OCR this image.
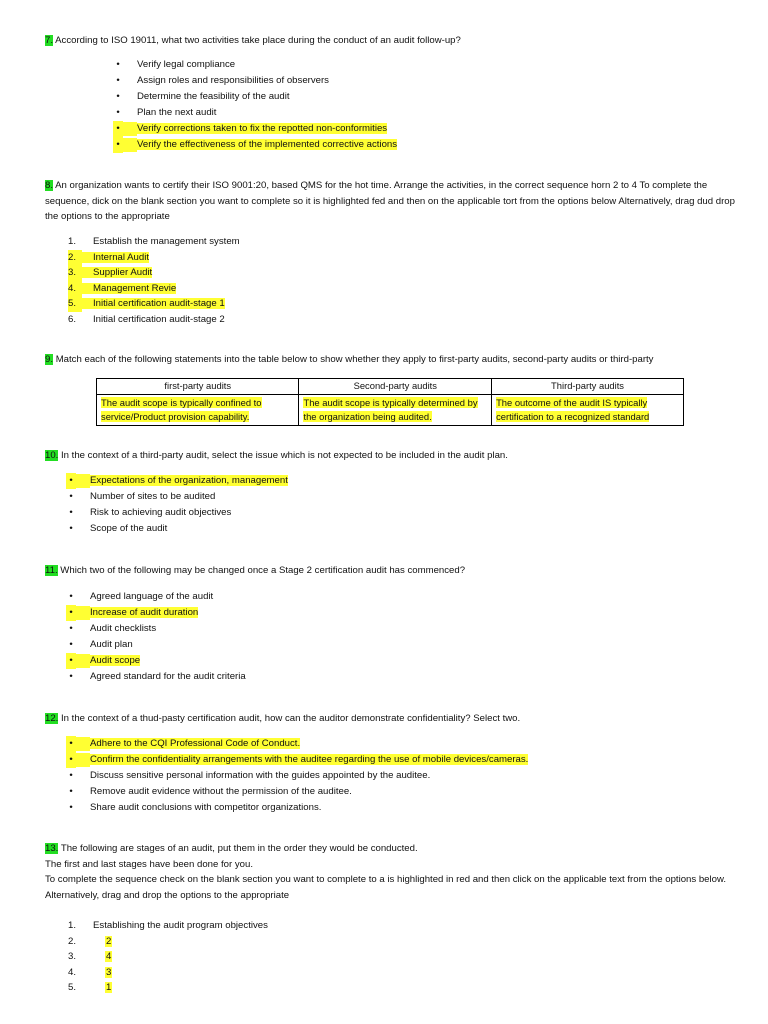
7. According to ISO 19011, what two activities take place during the conduct of an audit follow-up?
•	Verify legal compliance
•	Assign roles and responsibilities of observers
•	Determine the feasibility of the audit
•	Plan the next audit
•	Verify corrections taken to fix the repotted non-conformities
•	Verify the effectiveness of the implemented corrective actions
8. An organization wants to certify their ISO 9001:20, based QMS for the hot time. Arrange the activities, in the correct sequence horn 2 to 4 To complete the sequence, dick on the blank section you want to complete so it is highlighted fed and then on the applicable tort from the options below Alternatively, drag dud drop the options to the appropriate
1.	Establish the management system
2.	Internal Audit
3.	Supplier Audit
4.	Management Revie
5.	Initial certification audit-stage 1
6.	Initial certification audit-stage 2
9. Match each of the following statements into the table below to show whether they apply to first-party audits, second-party audits or third-party
first-party audits	Second-party audits	Third-party audits
The audit scope is typically confined to service/Product provision capability.	The audit scope is typically determined by the organization being audited.	The outcome of the audit IS typically certification to a recognized standard
10. In the context of a third-party audit, select the issue which is not expected to be included in the audit plan.
•	Expectations of the organization, management
•	Number of sites to be audited
•	Risk to achieving audit objectives
•	Scope of the audit
11. Which two of the following may be changed once a Stage 2 certification audit has commenced?
•	Agreed language of the audit
•	Increase of audit duration
•	Audit checklists
•	Audit plan
•	Audit scope
•	Agreed standard for the audit criteria
12. In the context of a thud-pasty certification audit, how can the auditor demonstrate confidentiality? Select two.
•	Adhere to the CQI Professional Code of Conduct.
•	Confirm the confidentiality arrangements with the auditee regarding the use of mobile devices/cameras.
•	Discuss sensitive personal information with the guides appointed by the auditee.
•	Remove audit evidence without the permission of the auditee.
•	Share audit conclusions with competitor organizations.
13. The following are stages of an audit, put them in the order they would be conducted.
The first and last stages have been done for you.
To complete the sequence check on the blank section you want to complete to a is highlighted in red and then click on the applicable text from the options below. Alternatively, drag and drop the options to the appropriate
1.	Establishing the audit program objectives
2.	2
3.	4
4.	3
5.	1
